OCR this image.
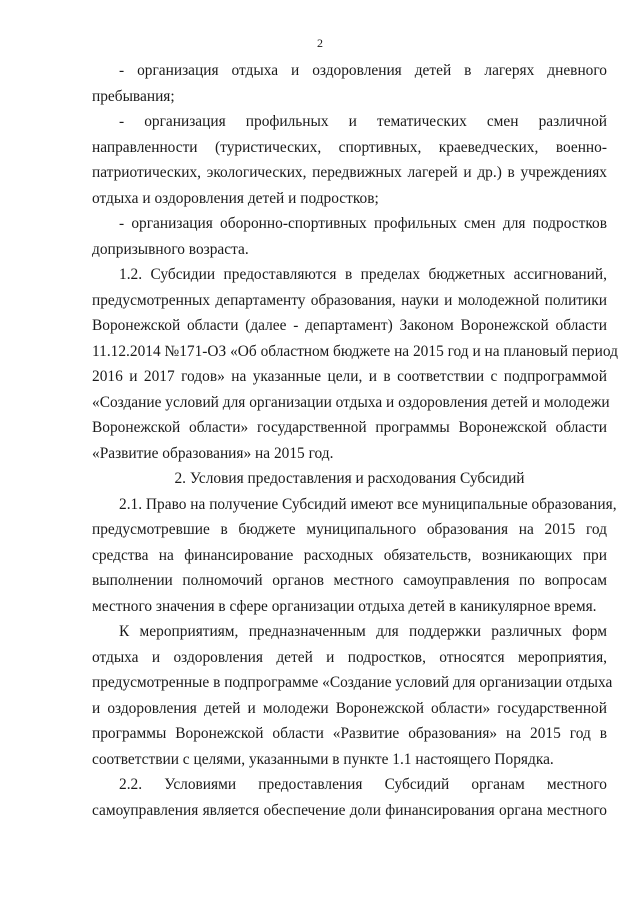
2

- организация отдыха и оздоровления детей в лагерях дневного
пребывания;
- организация профильных и тематических смен различной
направленности (туристических, спортивных, краеведческих, военно-
патриотических, экологических, передвижных лагерей и др.) в учреждениях
отдыха и оздоровления детей и подростков;
- организация оборонно-спортивных профильных смен для подростков
допризывного возраста.
1.2. Субсидии предоставляются в пределах бюджетных ассигнований,
предусмотренных департаменту образования, науки и молодежной политики
Воронежской области (далее - департамент) Законом Воронежской области
11.12.2014 №171-ОЗ «Об областном бюджете на 2015 год и на плановый период
2016 и 2017 годов» на указанные цели, и в соответствии с подпрограммой
«Создание условий для организации отдыха и оздоровления детей и молодежи
Воронежской области» государственной программы Воронежской области
«Развитие образования» на 2015 год.
2. Условия предоставления и расходования Субсидий
2.1. Право на получение Субсидий имеют все муниципальные образования,
предусмотревшие в бюджете муниципального образования на 2015 год
средства на финансирование расходных обязательств, возникающих при
выполнении полномочий органов местного самоуправления по вопросам
местного значения в сфере организации отдыха детей в каникулярное время.
К мероприятиям, предназначенным для поддержки различных форм
отдыха и оздоровления детей и подростков, относятся мероприятия,
предусмотренные в подпрограмме «Создание условий для организации отдыха
и оздоровления детей и молодежи Воронежской области» государственной
программы Воронежской области «Развитие образования» на 2015 год в
соответствии с целями, указанными в пункте 1.1 настоящего Порядка.
2.2. Условиями предоставления Субсидий органам местного
самоуправления является обеспечение доли финансирования органа местного
